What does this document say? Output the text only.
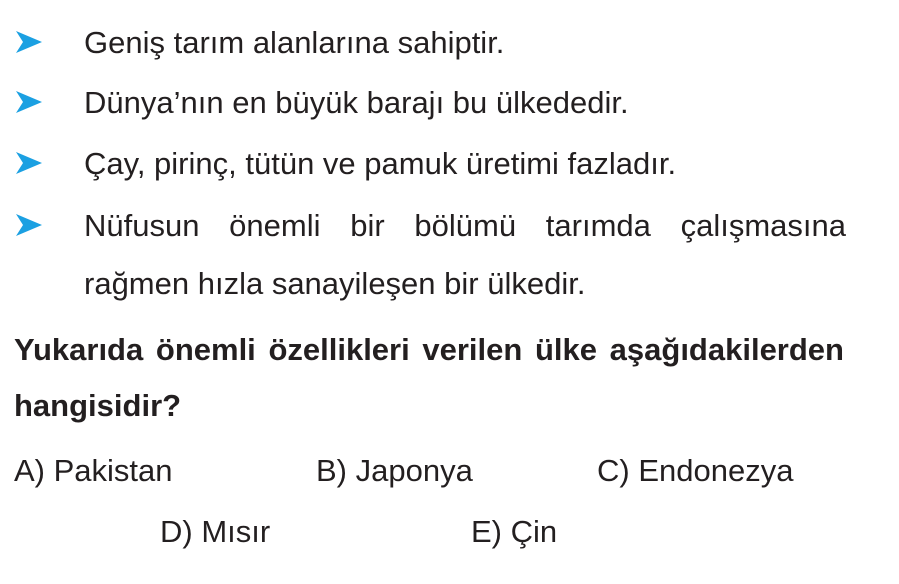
Geniş tarım alanlarına sahiptir.
Dünya’nın en büyük barajı bu ülkededir.
Çay, pirinç, tütün ve pamuk üretimi fazladır.
Nüfusun önemli bir bölümü tarımda çalışmasına rağmen hızla sanayileşen bir ülkedir.
Yukarıda önemli özellikleri verilen ülke aşağıdakilerden hangisidir?
A) Pakistan	B) Japonya	C) Endonezya
D) Mısır	E) Çin
